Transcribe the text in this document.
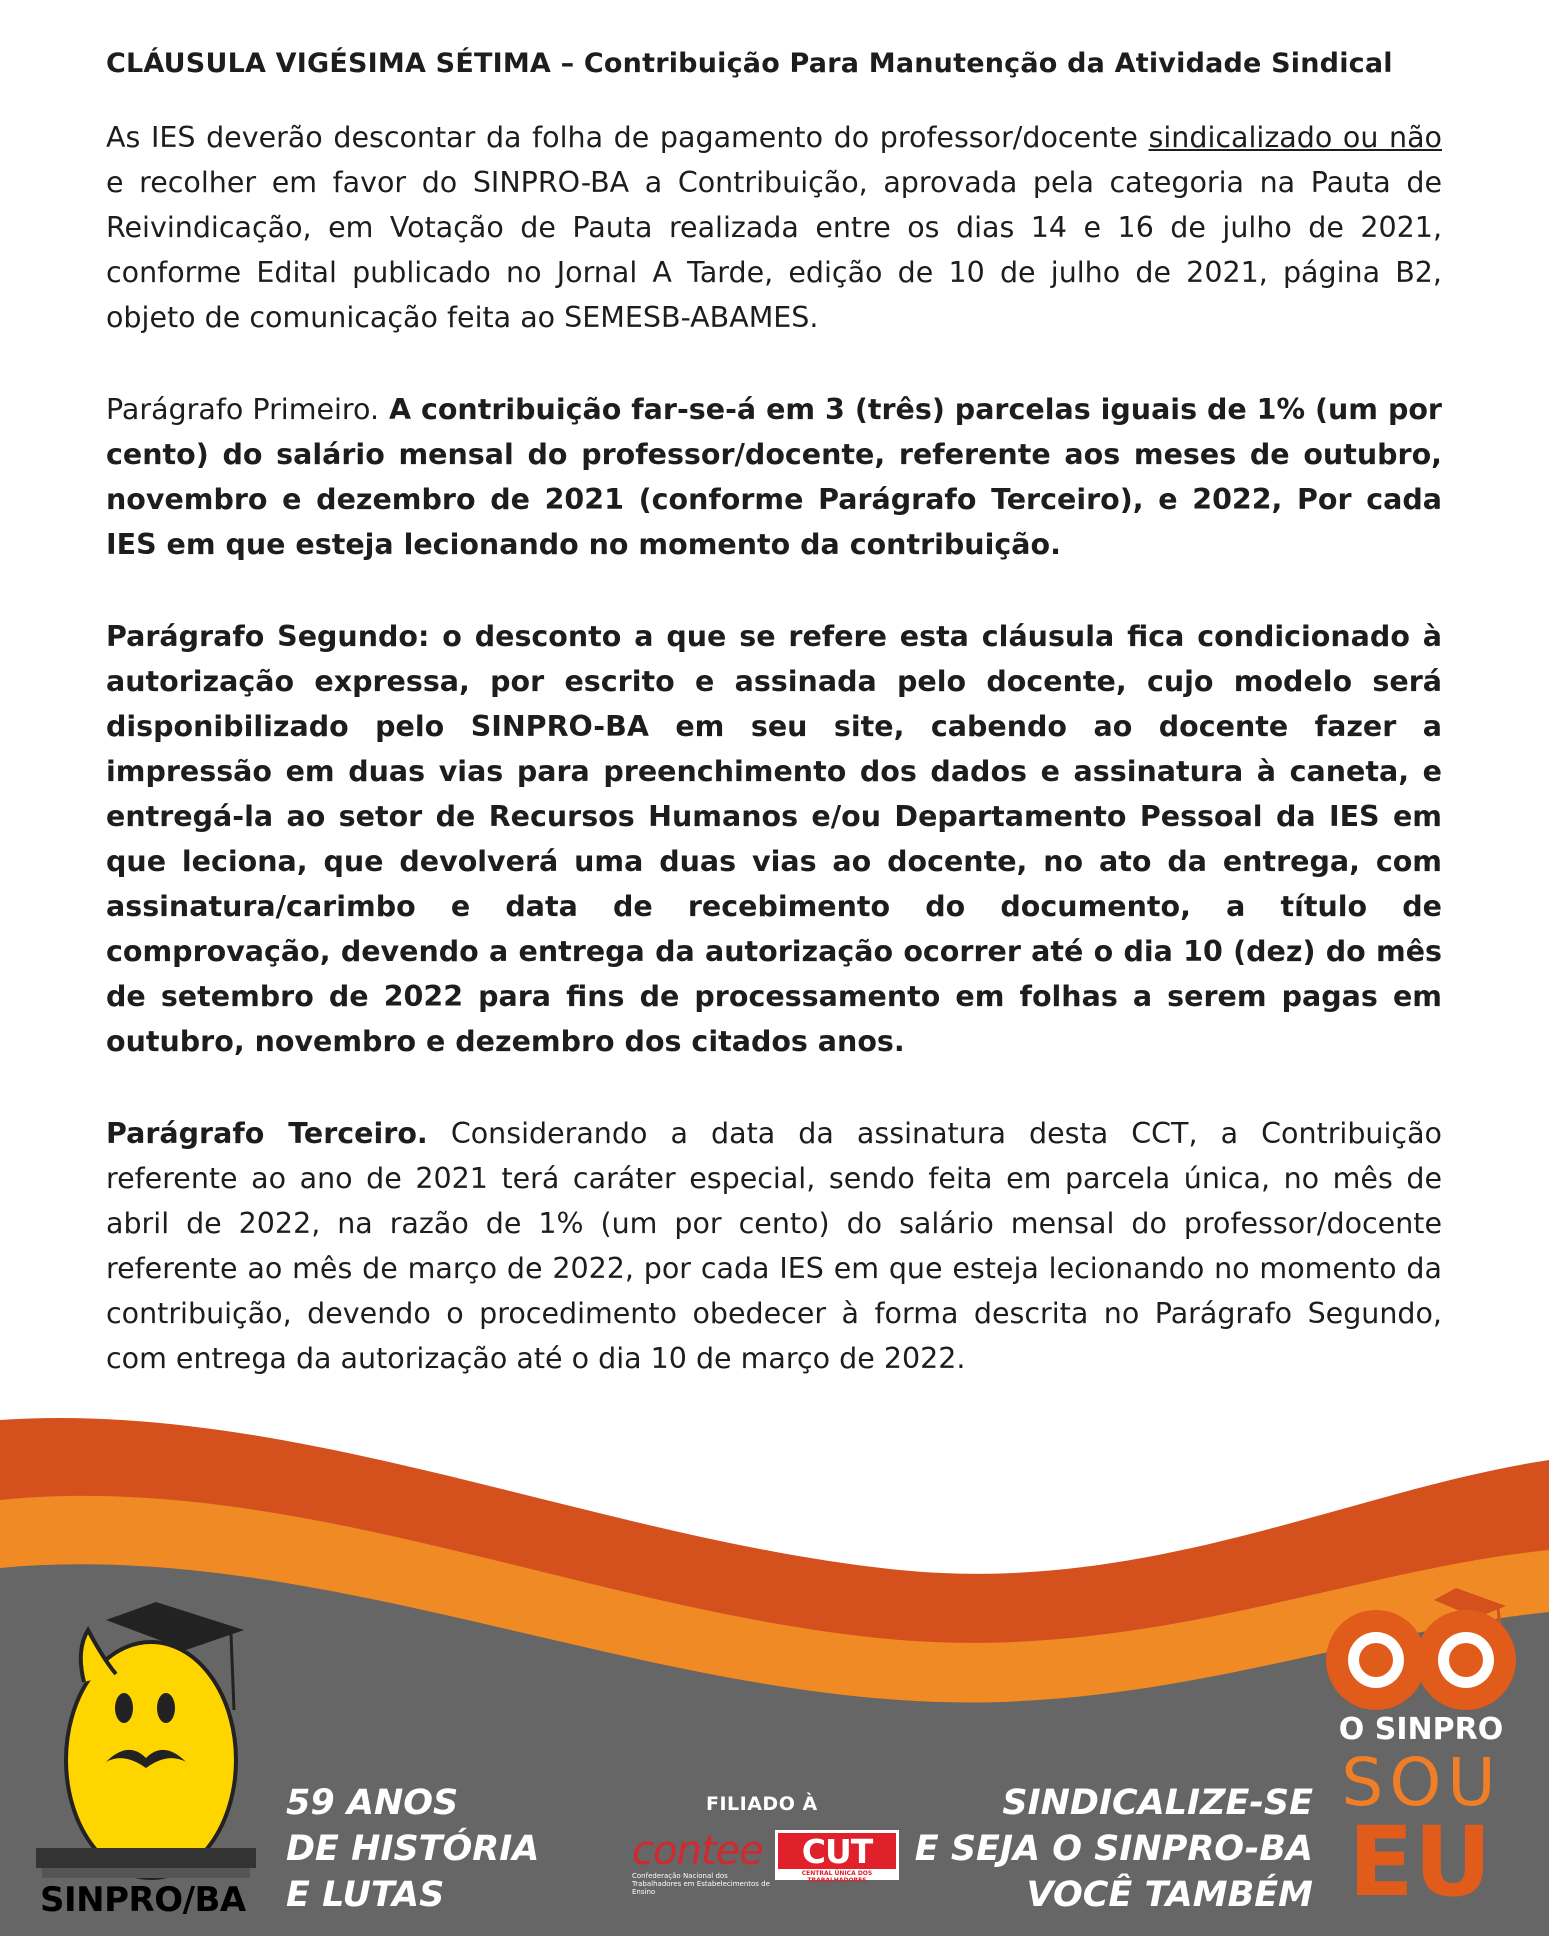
CLÁUSULA VIGÉSIMA SÉTIMA – Contribuição Para Manutenção da Atividade Sindical

As IES deverão descontar da folha de pagamento do professor/docente sindicalizado ou não e recolher em favor do SINPRO-BA a Contribuição, aprovada pela categoria na Pauta de Reivindicação, em Votação de Pauta realizada entre os dias 14 e 16 de julho de 2021, conforme Edital publicado no Jornal A Tarde, edição de 10 de julho de 2021, página B2, objeto de comunicação feita ao SEMESB-ABAMES.

Parágrafo Primeiro. A contribuição far-se-á em 3 (três) parcelas iguais de 1% (um por cento) do salário mensal do professor/docente, referente aos meses de outubro, novembro e dezembro de 2021 (conforme Parágrafo Terceiro), e 2022, Por cada IES em que esteja lecionando no momento da contribuição.

Parágrafo Segundo: o desconto a que se refere esta cláusula fica condicionado à autorização expressa, por escrito e assinada pelo docente, cujo modelo será disponibilizado pelo SINPRO-BA em seu site, cabendo ao docente fazer a impressão em duas vias para preenchimento dos dados e assinatura à caneta, e entregá-la ao setor de Recursos Humanos e/ou Departamento Pessoal da IES em que leciona, que devolverá uma duas vias ao docente, no ato da entrega, com assinatura/carimbo e data de recebimento do documento, a título de comprovação, devendo a entrega da autorização ocorrer até o dia 10 (dez) do mês de setembro de 2022 para fins de processamento em folhas a serem pagas em outubro, novembro e dezembro dos citados anos.

Parágrafo Terceiro. Considerando a data da assinatura desta CCT, a Contribuição referente ao ano de 2021 terá caráter especial, sendo feita em parcela única, no mês de abril de 2022, na razão de 1% (um por cento) do salário mensal do professor/docente referente ao mês de março de 2022, por cada IES em que esteja lecionando no momento da contribuição, devendo o procedimento obedecer à forma descrita no Parágrafo Segundo, com entrega da autorização até o dia 10 de março de 2022.

SINPRO/BA
59 ANOS
DE HISTÓRIA
E LUTAS
FILIADO À
contee
Confederação Nacional dos Trabalhadores em Estabelecimentos de Ensino
CUT
CENTRAL ÚNICA DOS TRABALHADORES
SINDICALIZE-SE
E SEJA O SINPRO-BA
VOCÊ TAMBÉM
O SINPRO
SOU
EU
